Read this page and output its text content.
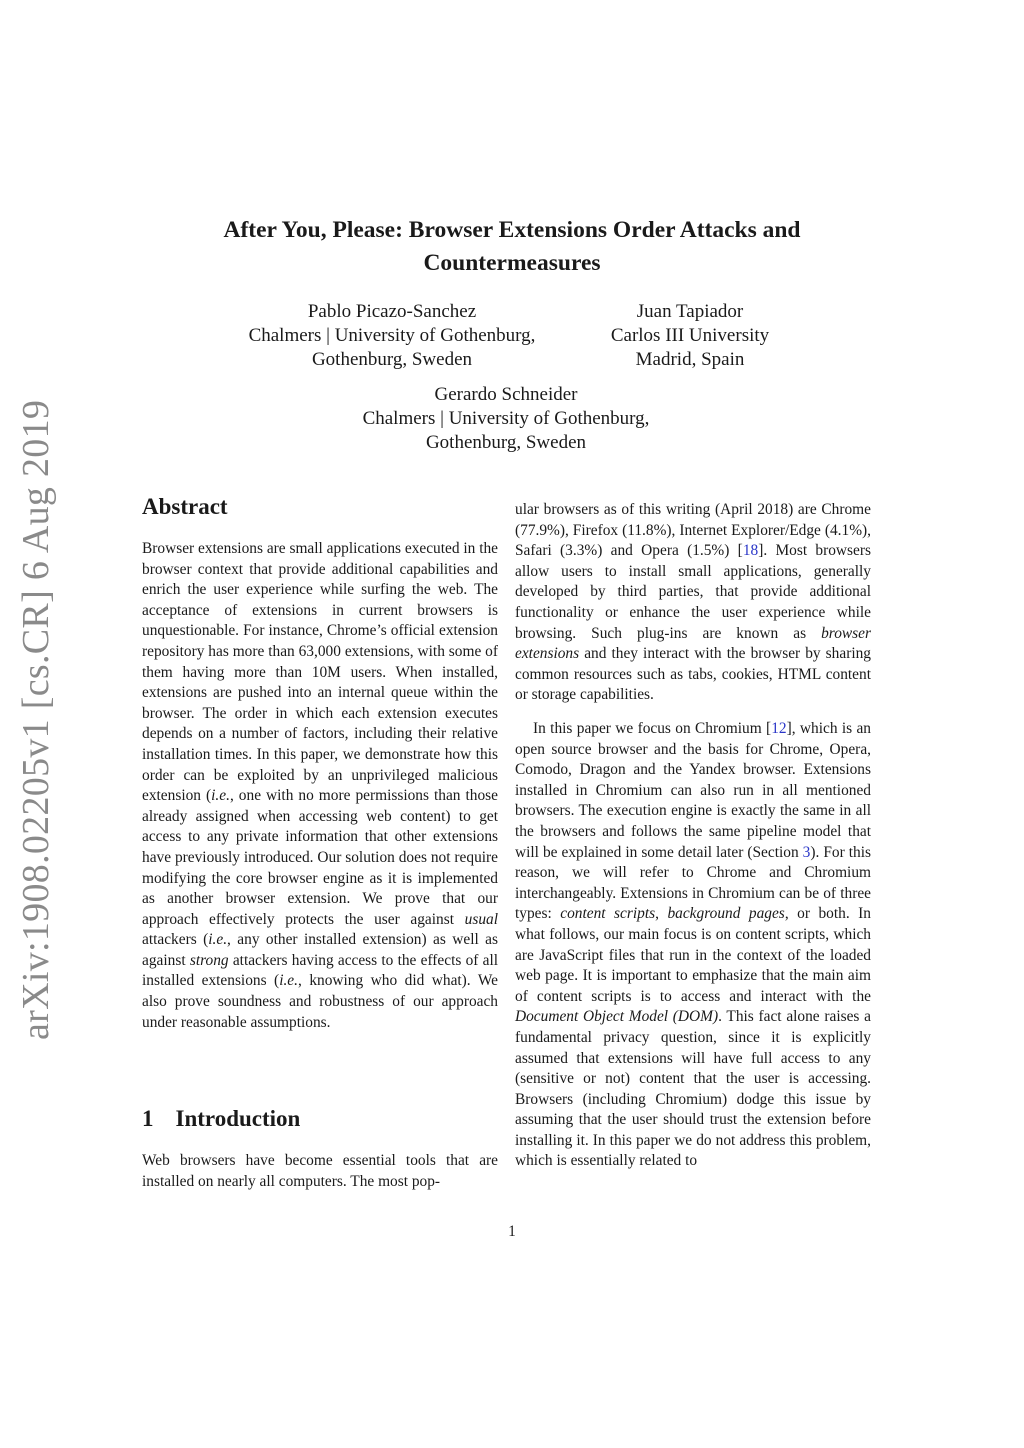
arXiv:1908.02205v1 [cs.CR] 6 Aug 2019
After You, Please: Browser Extensions Order Attacks and
Countermeasures
Pablo Picazo-Sanchez
Chalmers | University of Gothenburg,
Gothenburg, Sweden
Juan Tapiador
Carlos III University
Madrid, Spain
Gerardo Schneider
Chalmers | University of Gothenburg,
Gothenburg, Sweden
Abstract
Browser extensions are small applications executed in the browser context that provide additional capabilities and enrich the user experience while surfing the web. The acceptance of extensions in current browsers is unquestionable. For instance, Chrome’s official extension repository has more than 63,000 extensions, with some of them having more than 10M users. When installed, extensions are pushed into an internal queue within the browser. The order in which each extension executes depends on a number of factors, including their relative installation times. In this paper, we demonstrate how this order can be exploited by an unprivileged malicious extension (i.e., one with no more permissions than those already assigned when accessing web content) to get access to any private information that other extensions have previously introduced. Our solution does not require modifying the core browser engine as it is implemented as another browser extension. We prove that our approach effectively protects the user against usual attackers (i.e., any other installed extension) as well as against strong attackers having access to the effects of all installed extensions (i.e., knowing who did what). We also prove soundness and robustness of our approach under reasonable assumptions.
1 Introduction
Web browsers have become essential tools that are installed on nearly all computers. The most pop-
ular browsers as of this writing (April 2018) are Chrome (77.9%), Firefox (11.8%), Internet Explorer/Edge (4.1%), Safari (3.3%) and Opera (1.5%) [18]. Most browsers allow users to install small applications, generally developed by third parties, that provide additional functionality or enhance the user experience while browsing. Such plug-ins are known as browser extensions and they interact with the browser by sharing common resources such as tabs, cookies, HTML content or storage capabilities.
In this paper we focus on Chromium [12], which is an open source browser and the basis for Chrome, Opera, Comodo, Dragon and the Yandex browser. Extensions installed in Chromium can also run in all mentioned browsers. The execution engine is exactly the same in all the browsers and follows the same pipeline model that will be explained in some detail later (Section 3). For this reason, we will refer to Chrome and Chromium interchangeably. Extensions in Chromium can be of three types: content scripts, background pages, or both. In what follows, our main focus is on content scripts, which are JavaScript files that run in the context of the loaded web page. It is important to emphasize that the main aim of content scripts is to access and interact with the Document Object Model (DOM). This fact alone raises a fundamental privacy question, since it is explicitly assumed that extensions will have full access to any (sensitive or not) content that the user is accessing. Browsers (including Chromium) dodge this issue by assuming that the user should trust the extension before installing it. In this paper we do not address this problem, which is essentially related to
1
